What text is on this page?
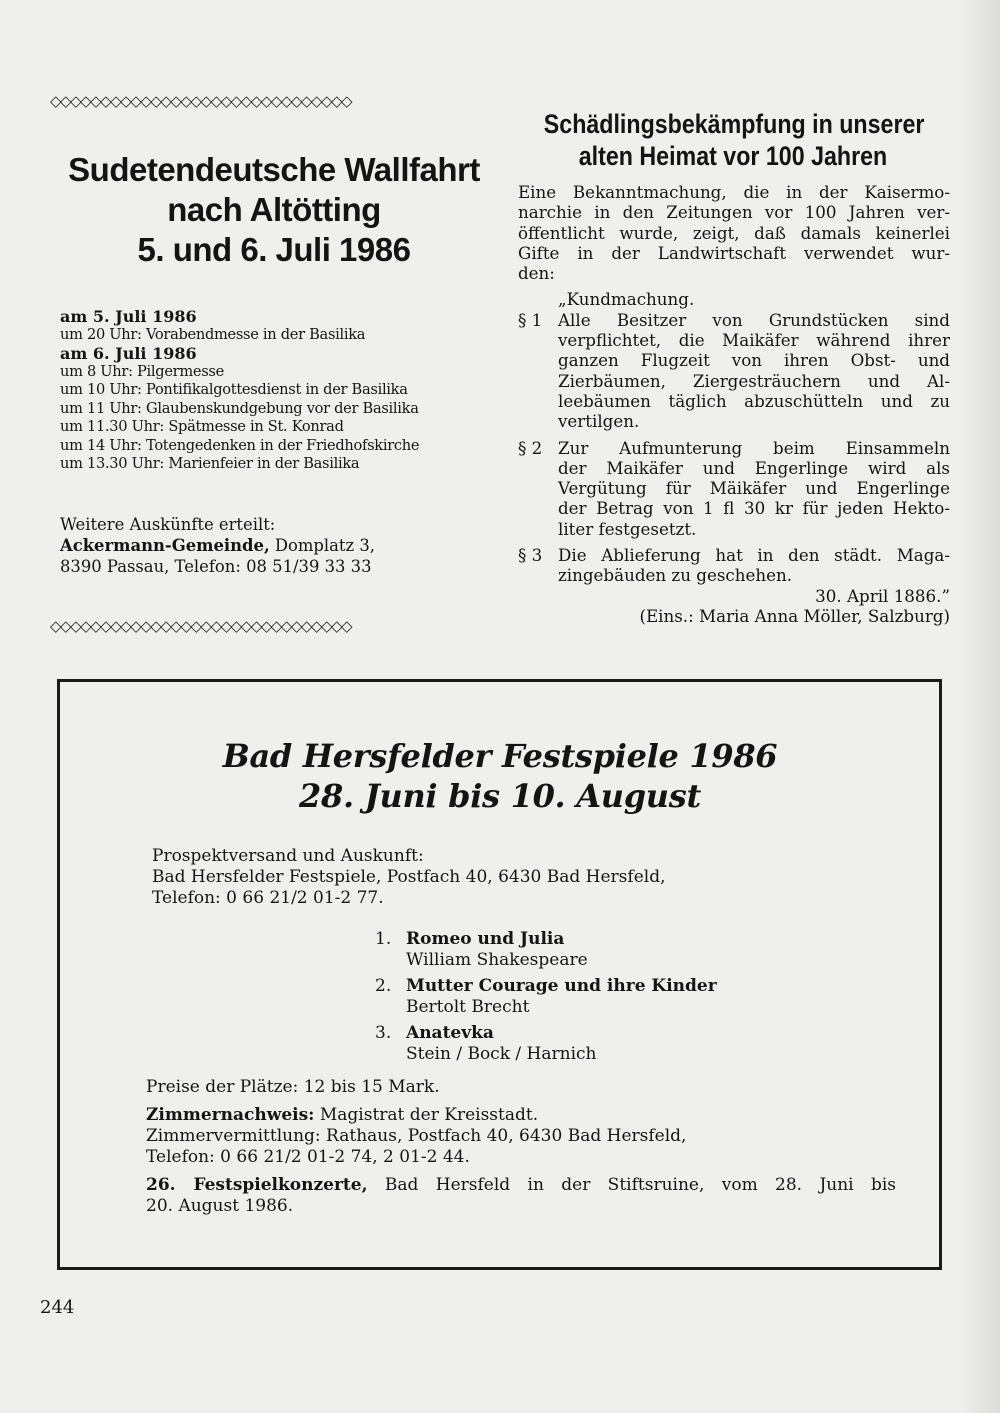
◇◇◇◇◇◇◇◇◇◇◇◇◇◇◇◇◇◇◇◇◇◇◇◇◇◇◇◇◇◇
Sudetendeutsche Wallfahrt
nach Altötting
5. und 6. Juli 1986
am 5. Juli 1986
um 20 Uhr: Vorabendmesse in der Basilika
am 6. Juli 1986
um 8 Uhr: Pilgermesse
um 10 Uhr: Pontifikalgottesdienst in der Basilika
um 11 Uhr: Glaubenskundgebung vor der Basilika
um 11.30 Uhr: Spätmesse in St. Konrad
um 14 Uhr: Totengedenken in der Friedhofskirche
um 13.30 Uhr: Marienfeier in der Basilika
Weitere Auskünfte erteilt:
Ackermann-Gemeinde, Domplatz 3,
8390 Passau, Telefon: 08 51/39 33 33
◇◇◇◇◇◇◇◇◇◇◇◇◇◇◇◇◇◇◇◇◇◇◇◇◇◇◇◇◇◇
Schädlingsbekämpfung in unserer
alten Heimat vor 100 Jahren
Eine Bekanntmachung, die in der Kaisermo-
narchie in den Zeitungen vor 100 Jahren ver-
öffentlicht wurde, zeigt, daß damals keinerlei
Gifte in der Landwirtschaft verwendet wur-
den:
„Kundmachung.
§ 1 Alle Besitzer von Grundstücken sind
verpflichtet, die Maikäfer während ihrer
ganzen Flugzeit von ihren Obst- und
Zierbäumen, Ziergesträuchern und Al-
leebäumen täglich abzuschütteln und zu
vertilgen.
§ 2 Zur Aufmunterung beim Einsammeln
der Maikäfer und Engerlinge wird als
Vergütung für Mäikäfer und Engerlinge
der Betrag von 1 fl 30 kr für jeden Hekto-
liter festgesetzt.
§ 3 Die Ablieferung hat in den städt. Maga-
zingebäuden zu geschehen.
30. April 1886.”
(Eins.: Maria Anna Möller, Salzburg)
Bad Hersfelder Festspiele 1986
28. Juni bis 10. August
Prospektversand und Auskunft:
Bad Hersfelder Festspiele, Postfach 40, 6430 Bad Hersfeld,
Telefon: 0 66 21/2 01-2 77.
1. Romeo und Julia
William Shakespeare
2. Mutter Courage und ihre Kinder
Bertolt Brecht
3. Anatevka
Stein / Bock / Harnich
Preise der Plätze: 12 bis 15 Mark.
Zimmernachweis: Magistrat der Kreisstadt.
Zimmervermittlung: Rathaus, Postfach 40, 6430 Bad Hersfeld,
Telefon: 0 66 21/2 01-2 74, 2 01-2 44.
26. Festspielkonzerte, Bad Hersfeld in der Stiftsruine, vom 28. Juni bis
20. August 1986.
244
